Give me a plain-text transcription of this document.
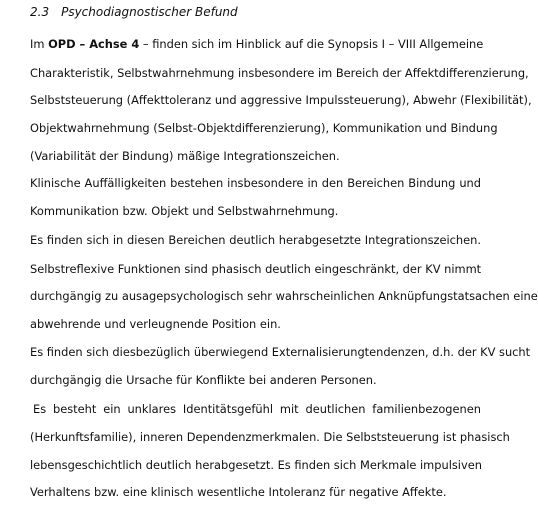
2.3 Psychodiagnostischer Befund
Im OPD – Achse 4 – finden sich im Hinblick auf die Synopsis I – VIII Allgemeine
Charakteristik, Selbstwahrnehmung insbesondere im Bereich der Affektdifferenzierung,
Selbststeuerung (Affekttoleranz und aggressive Impulssteuerung), Abwehr (Flexibilität),
Objektwahrnehmung (Selbst-Objektdifferenzierung), Kommunikation und Bindung
(Variabilität der Bindung) mäßige Integrationszeichen.
Klinische Auffälligkeiten bestehen insbesondere in den Bereichen Bindung und
Kommunikation bzw. Objekt und Selbstwahrnehmung.
Es finden sich in diesen Bereichen deutlich herabgesetzte Integrationszeichen.
Selbstreflexive Funktionen sind phasisch deutlich eingeschränkt, der KV nimmt
durchgängig zu ausagepsychologisch sehr wahrscheinlichen Anknüpfungstatsachen eine
abwehrende und verleugnende Position ein.
Es finden sich diesbezüglich überwiegend Externalisierungtendenzen, d.h. der KV sucht
durchgängig die Ursache für Konflikte bei anderen Personen.
Es besteht ein unklares Identitätsgefühl mit deutlichen familienbezogenen
(Herkunftsfamilie), inneren Dependenzmerkmalen. Die Selbststeuerung ist phasisch
lebensgeschichtlich deutlich herabgesetzt. Es finden sich Merkmale impulsiven
Verhaltens bzw. eine klinisch wesentliche Intoleranz für negative Affekte.
